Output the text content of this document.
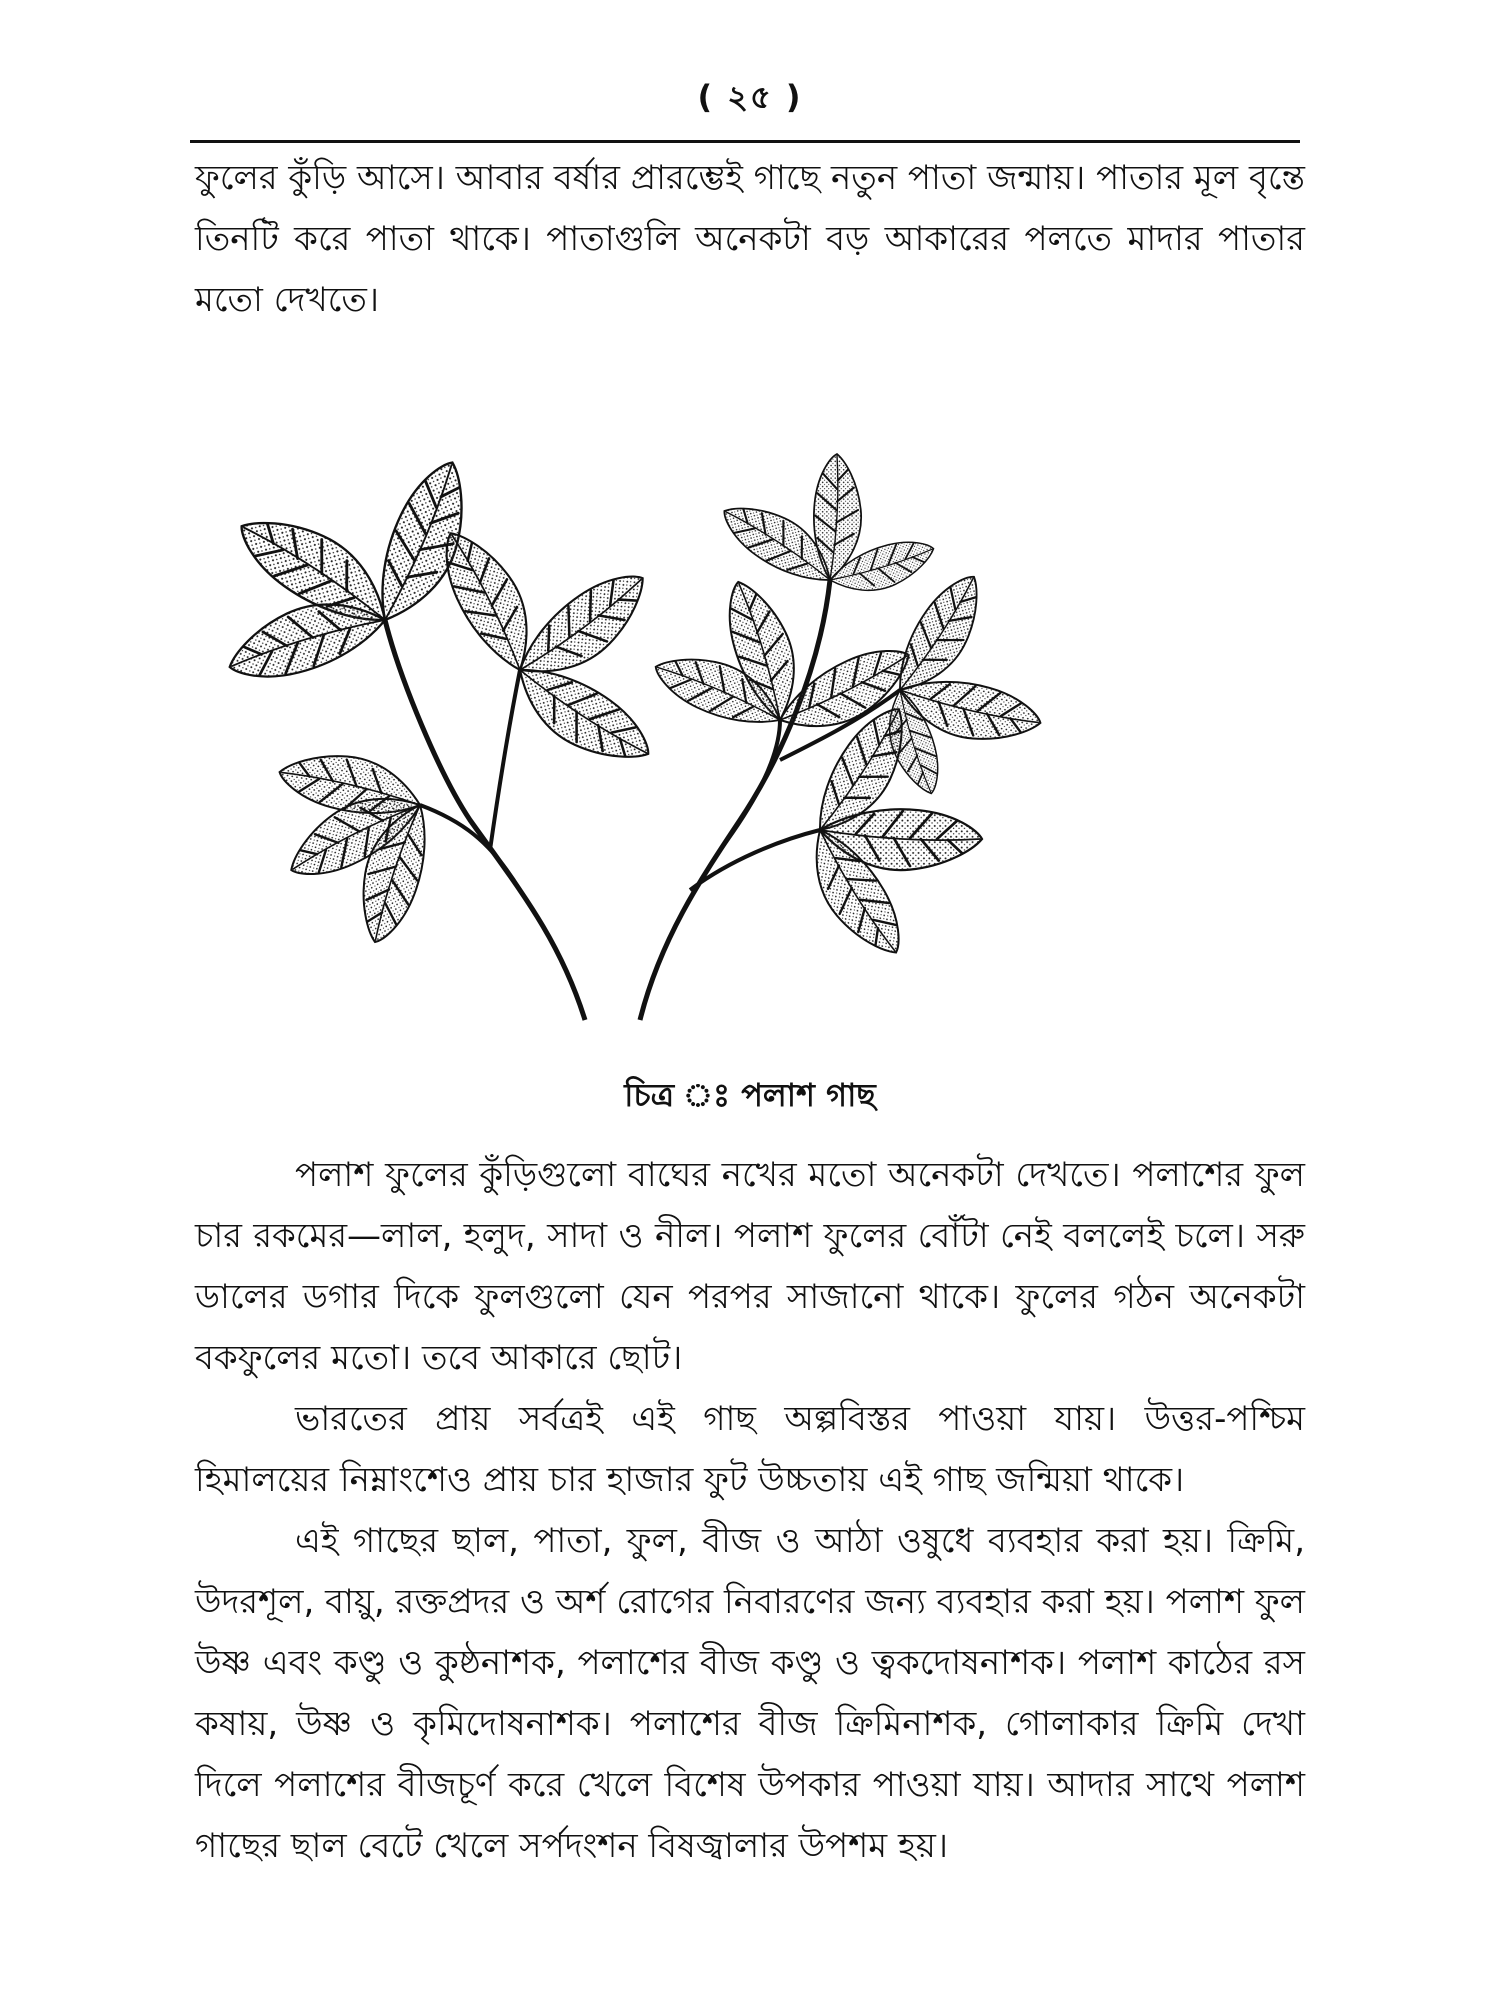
( ২৫ )

ফুলের কুঁড়ি আসে। আবার বর্ষার প্রারম্ভেই গাছে নতুন পাতা জন্মায়। পাতার মূল বৃন্তে তিনটি করে পাতা থাকে। পাতাগুলি অনেকটা বড় আকারের পলতে মাদার পাতার মতো দেখতে।

চিত্র ঃ পলাশ গাছ

পলাশ ফুলের কুঁড়িগুলো বাঘের নখের মতো অনেকটা দেখতে। পলাশের ফুল চার রকমের—লাল, হলুদ, সাদা ও নীল। পলাশ ফুলের বোঁটা নেই বললেই চলে। সরু ডালের ডগার দিকে ফুলগুলো যেন পরপর সাজানো থাকে। ফুলের গঠন অনেকটা বকফুলের মতো। তবে আকারে ছোট।

ভারতের প্রায় সর্বত্রই এই গাছ অল্পবিস্তর পাওয়া যায়। উত্তর-পশ্চিম হিমালয়ের নিম্নাংশেও প্রায় চার হাজার ফুট উচ্চতায় এই গাছ জন্মিয়া থাকে।

এই গাছের ছাল, পাতা, ফুল, বীজ ও আঠা ওষুধে ব্যবহার করা হয়। ক্রিমি, উদরশূল, বায়ু, রক্তপ্রদর ও অর্শ রোগের নিবারণের জন্য ব্যবহার করা হয়। পলাশ ফুল উষ্ণ এবং কণ্ডু ও কুষ্ঠনাশক, পলাশের বীজ কণ্ডু ও ত্বকদোষনাশক। পলাশ কাঠের রস কষায়, উষ্ণ ও কৃমিদোষনাশক। পলাশের বীজ ক্রিমিনাশক, গোলাকার ক্রিমি দেখা দিলে পলাশের বীজচূর্ণ করে খেলে বিশেষ উপকার পাওয়া যায়। আদার সাথে পলাশ গাছের ছাল বেটে খেলে সর্পদংশন বিষজ্বালার উপশম হয়।
